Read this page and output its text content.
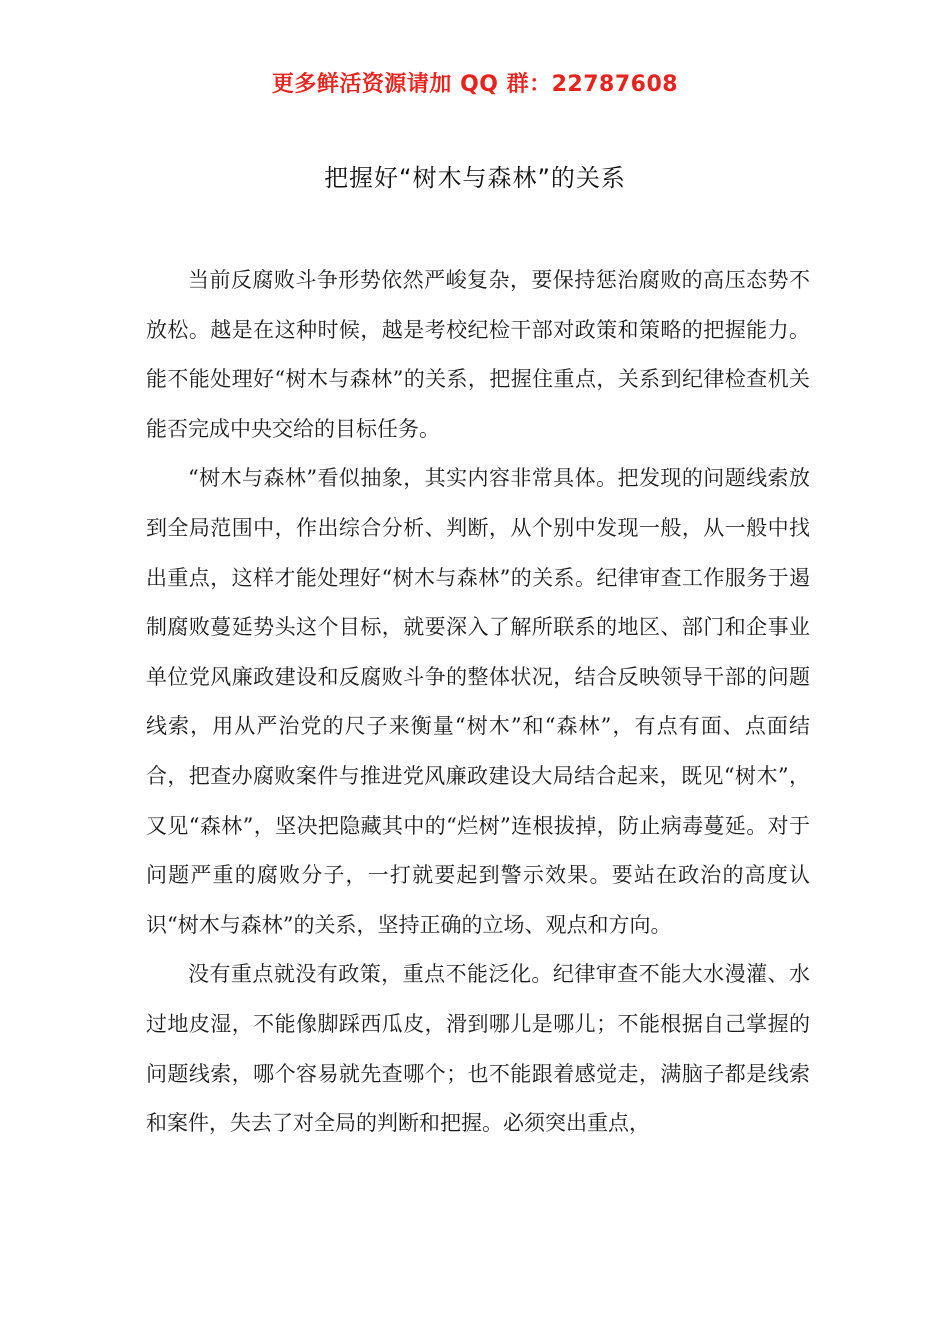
更多鲜活资源请加 QQ 群：22787608
把握好“树木与森林”的关系

当前反腐败斗争形势依然严峻复杂，要保持惩治腐败的高压态势不放松。越是在这种时候，越是考校纪检干部对政策和策略的把握能力。能不能处理好“树木与森林”的关系，把握住重点，关系到纪律检查机关能否完成中央交给的目标任务。

“树木与森林”看似抽象，其实内容非常具体。把发现的问题线索放到全局范围中，作出综合分析、判断，从个别中发现一般，从一般中找出重点，这样才能处理好“树木与森林”的关系。纪律审查工作服务于遏制腐败蔓延势头这个目标，就要深入了解所联系的地区、部门和企事业单位党风廉政建设和反腐败斗争的整体状况，结合反映领导干部的问题线索，用从严治党的尺子来衡量“树木”和“森林”，有点有面、点面结合，把查办腐败案件与推进党风廉政建设大局结合起来，既见“树木”，又见“森林”，坚决把隐藏其中的“烂树”连根拔掉，防止病毒蔓延。对于问题严重的腐败分子，一打就要起到警示效果。要站在政治的高度认识“树木与森林”的关系，坚持正确的立场、观点和方向。

没有重点就没有政策，重点不能泛化。纪律审查不能大水漫灌、水过地皮湿，不能像脚踩西瓜皮，滑到哪儿是哪儿；不能根据自己掌握的问题线索，哪个容易就先查哪个；也不能跟着感觉走，满脑子都是线索和案件，失去了对全局的判断和把握。必须突出重点，
